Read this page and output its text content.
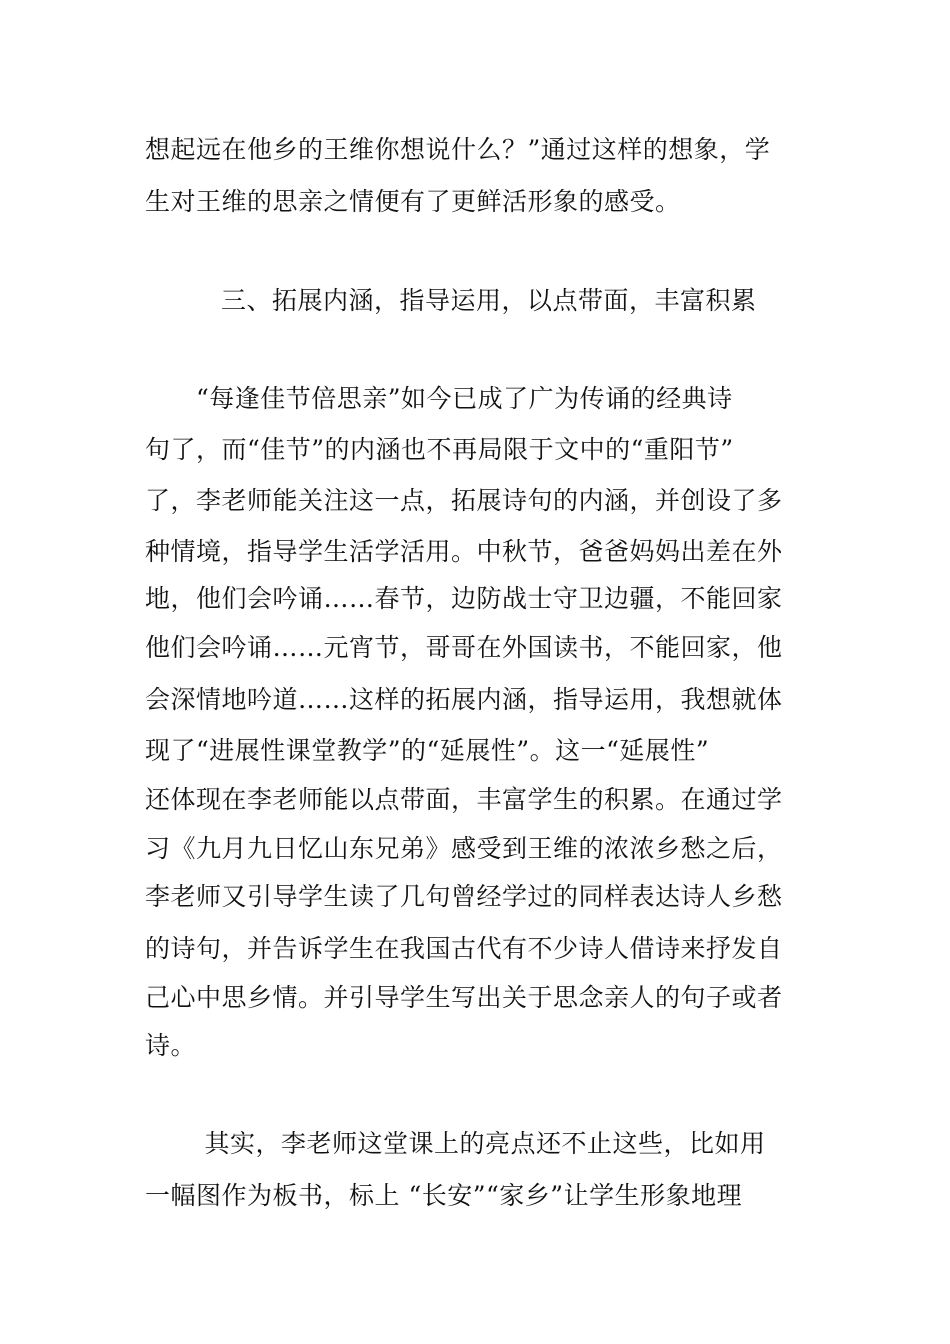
想起远在他乡的王维你想说什么？”通过这样的想象，学
生对王维的思亲之情便有了更鲜活形象的感受。
三、拓展内涵，指导运用，以点带面，丰富积累
　　“每逢佳节倍思亲”如今已成了广为传诵的经典诗
句了，而“佳节”的内涵也不再局限于文中的“重阳节”
了，李老师能关注这一点，拓展诗句的内涵，并创设了多
种情境，指导学生活学活用。中秋节，爸爸妈妈出差在外
地，他们会吟诵……春节，边防战士守卫边疆，不能回家
他们会吟诵……元宵节，哥哥在外国读书，不能回家，他
会深情地吟道……这样的拓展内涵，指导运用，我想就体
现了“进展性课堂教学”的“延展性”。这一“延展性”
还体现在李老师能以点带面，丰富学生的积累。在通过学
习《九月九日忆山东兄弟》感受到王维的浓浓乡愁之后，
李老师又引导学生读了几句曾经学过的同样表达诗人乡愁
的诗句，并告诉学生在我国古代有不少诗人借诗来抒发自
己心中思乡情。并引导学生写出关于思念亲人的句子或者
诗。
　　 其实，李老师这堂课上的亮点还不止这些，比如用
一幅图作为板书，标上 “长安”“家乡”让学生形象地理
